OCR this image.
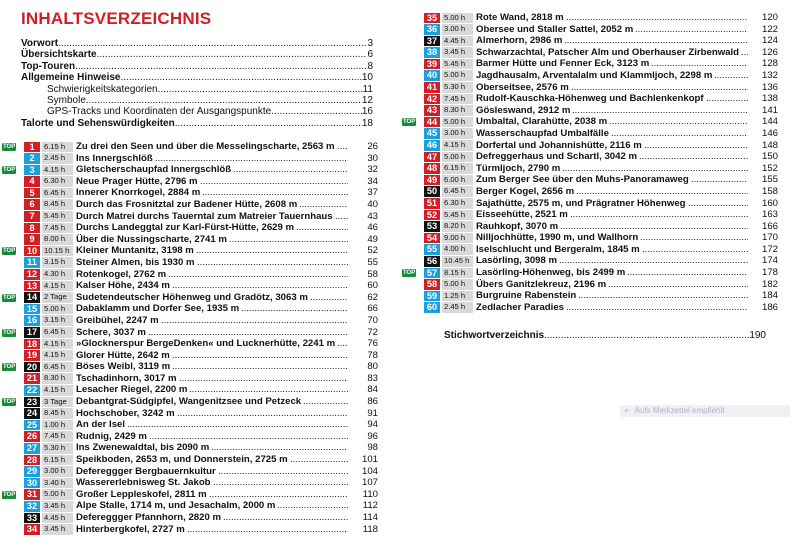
INHALTSVERZEICHNIS
Vorwort .....	3
Übersichtskarte .....	6
Top-Touren .....	8
Allgemeine Hinweise .....	10
Schwierigkeitskategorien .....	11
Symbole .....	12
GPS-Tracks und Koordinaten der Ausgangspunkte .....	16
Talorte und Sehenswürdigkeiten .....	18
TOP	1	6.15 h	Zu drei den Seen und über die Messelingscharte, 2563 m .....	26
2	2.45 h	Ins Innergschlöß .....	30
TOP	3	4.15 h	Gletscherschaupfad Innergschlöß .....	32
4	6.30 h	Neue Prager Hütte, 2796 m .....	34
5	6.45 h	Innerer Knorrkogel, 2884 m .....	37
6	8.45 h	Durch das Frosnitztal zur Badener Hütte, 2608 m .....	40
7	5.45 h	Durch Matrei durchs Tauerntal zum Matreier Tauernhaus .....	43
8	7.45 h	Durchs Landeggtal zur Karl-Fürst-Hütte, 2629 m .....	46
9	8.00 h	Über die Nussingscharte, 2741 m .....	49
TOP	10 10.15 h Kleiner Muntanitz, 3198 m .....	52
11 3.15 h	Steiner Almen, bis 1930 m .....	55
12 4.30 h	Rotenkogel, 2762 m .....	58
13 4.15 h	Kalser Höhe, 2434 m .....	60
TOP	14 2 Tage Sudetendeutscher Höhenweg und Gradötz, 3063 m .....	62
15 5.00 h	Dabaklamm und Dorfer See, 1935 m .....	66
16 3.15 h	Greibühel, 2247 m .....	70
TOP	17 6.45 h	Schere, 3037 m .....	72
18 4.15 h	»Glocknerspur BergeDenken« und Lucknerhütte, 2241 m .....	76
19 4.15 h	Glorer Hütte, 2642 m .....	78
TOP	20 6.45 h	Böses Weibl, 3119 m .....	80
21 8.30 h	Tschadinhorn, 3017 m .....	83
22 4.15 h	Lesacher Riegel, 2200 m .....	84
TOP	23 3 Tage Debantgrat-Südgipfel, Wangenitzsee und Petzeck .....	86
24 8.45 h	Hochschober, 3242 m .....	91
25 1.00 h	An der Isel .....	94
26 7.45 h	Rudnig, 2429 m .....	96
27 5.30 h	Ins Zwenewaldtal, bis 2090 m .....	98
28 6.15 h	Speikboden, 2653 m, und Donnerstein, 2725 m .....	101
29 3.00 h	Defereggger Bergbauernkultur .....	104
30 3.40 h	Wassererlebnisweg St. Jakob .....	107
TOP	31 5.00 h	Großer Leppleskofel, 2811 m .....	110
32 3.45 h	Alpe Stalle, 1714 m, und Jesachalm, 2000 m .....	112
33 4.45 h	Defereggger Pfannhorn, 2820 m .....	114
34 3.45 h	Hinterbergkofel, 2727 m .....	118
35 5.00 h	Rote Wand, 2818 m .....	120
36 3.00 h	Obersee und Staller Sattel, 2052 m .....	122
37 4.45 h	Almerhorn, 2986 m .....	124
38 3.45 h	Schwarzachtal, Patscher Alm und Oberhauser Zirbenwald .....	126
39 5.45 h	Barmer Hütte und Fenner Eck, 3123 m .....	128
40 5.00 h	Jagdhausalm, Arventalalm und Klammljoch, 2298 m .....	132
41 5.30 h	Oberseitsee, 2576 m .....	136
42 7.45 h	Rudolf-Kauschka-Höhenweg und Bachlenkenkopf .....	138
43 8.30 h	Gösleswand, 2912 m .....	141
TOP	44 5.00 h	Umbaltal, Clarahütte, 2038 m .....	144
45 3.00 h	Wasserschaupfad Umbalfälle .....	146
46 4.15 h	Dorfertal und Johannishütte, 2116 m .....	148
47 5.00 h	Defreggerhaus und Schartl, 3042 m .....	150
48 6.15 h	Türmljoch, 2790 m .....	152
49 6.00 h	Zum Berger See über den Muhs-Panoramaweg .....	155
50 6.45 h	Berger Kogel, 2656 m .....	158
51 6.30 h	Sajathütte, 2575 m, und Prägratner Höhenweg .....	160
52 5.45 h	Eisseehütte, 2521 m .....	163
53 8.20 h	Rauhkopf, 3070 m .....	166
54 9.00 h	Nilljochhütte, 1990 m, und Wallhorn .....	170
55 4.00 h	Iselschlucht und Bergeralm, 1845 m .....	172
56 10.45 h Lasörling, 3098 m .....	174
TOP	57 8.15 h	Lasörling-Höhenweg, bis 2499 m .....	178
58 5.00 h	Übers Ganitzlekreuz, 2196 m .....	182
59 1.25 h	Burgruine Rabenstein .....	184
60 2.45 h	Zedlacher Paradies .....	186
Stichwortverzeichnis .....	190
+ Aufs Merkzettel empfiehlt
